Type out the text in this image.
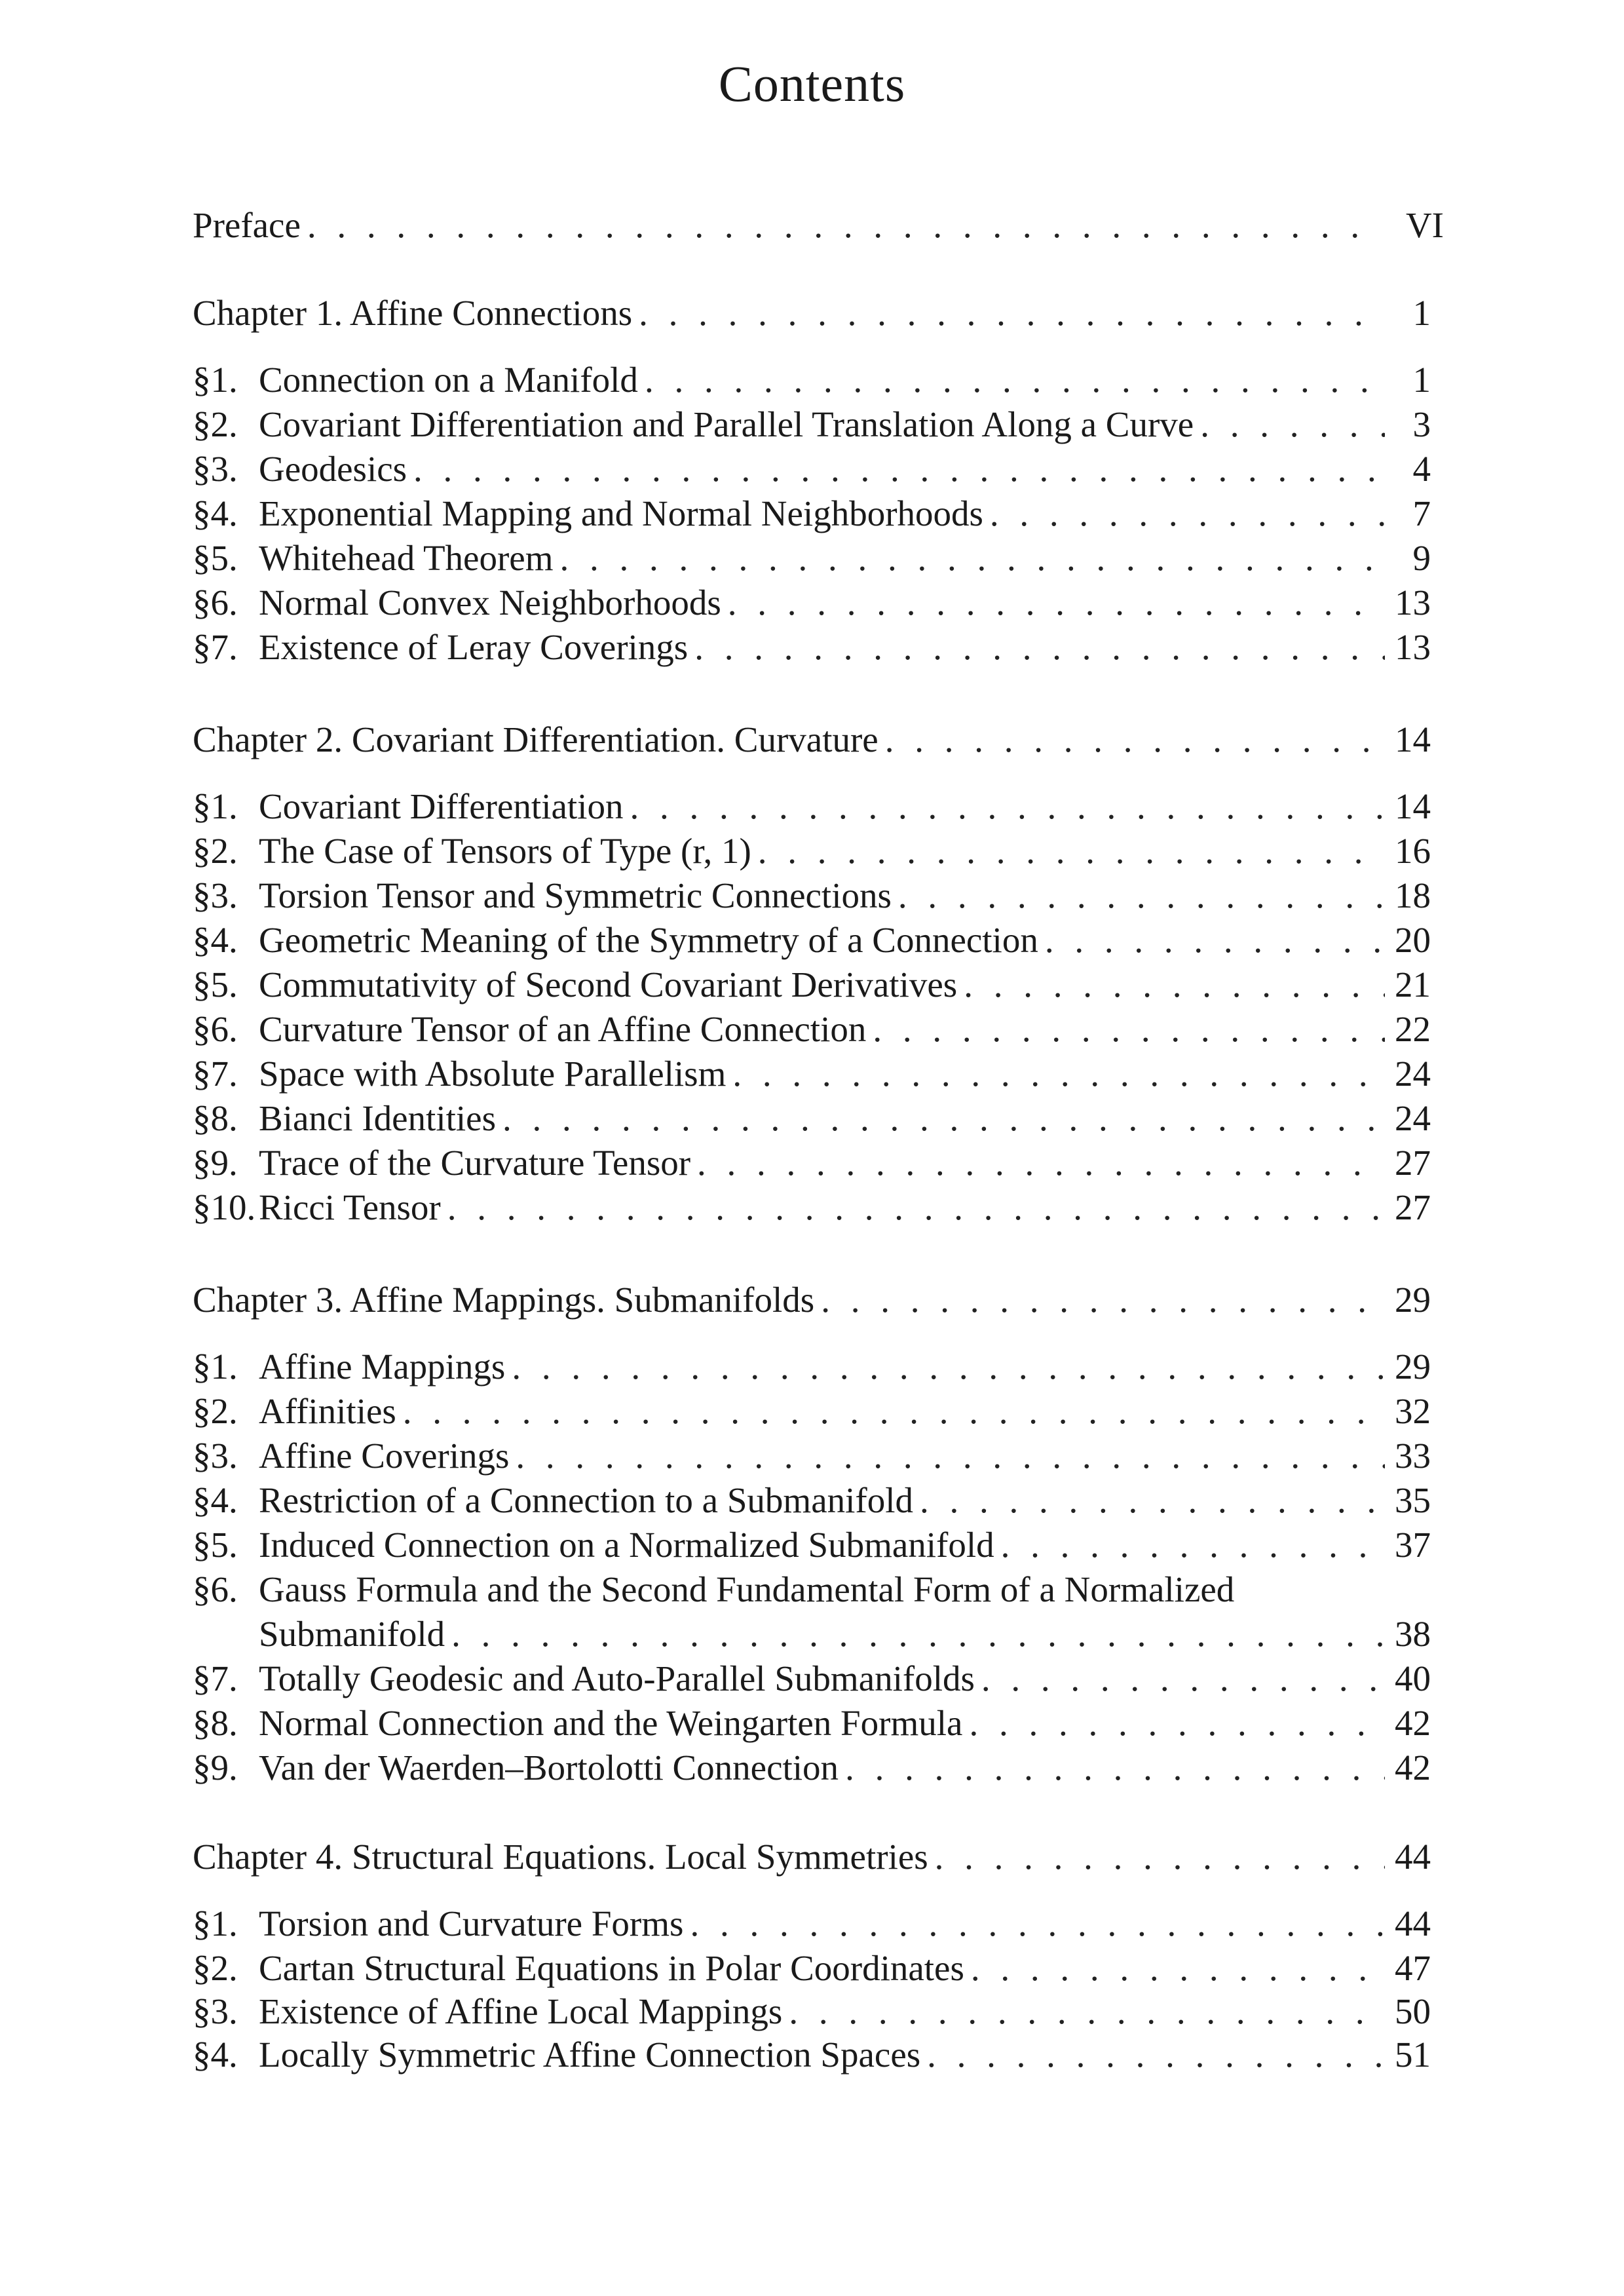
Contents
Preface . . .	VI
Chapter 1. Affine Connections . . .	1
§1. Connection on a Manifold . . .	1
§2. Covariant Differentiation and Parallel Translation Along a Curve . . .	3
§3. Geodesics . . .	4
§4. Exponential Mapping and Normal Neighborhoods . . .	7
§5. Whitehead Theorem . . .	9
§6. Normal Convex Neighborhoods . . .	13
§7. Existence of Leray Coverings . . .	13
Chapter 2. Covariant Differentiation. Curvature . . .	14
§1. Covariant Differentiation . . .	14
§2. The Case of Tensors of Type (r, 1) . . .	16
§3. Torsion Tensor and Symmetric Connections . . .	18
§4. Geometric Meaning of the Symmetry of a Connection . . .	20
§5. Commutativity of Second Covariant Derivatives . . .	21
§6. Curvature Tensor of an Affine Connection . . .	22
§7. Space with Absolute Parallelism . . .	24
§8. Bianci Identities . . .	24
§9. Trace of the Curvature Tensor . . .	27
§10. Ricci Tensor . . .	27
Chapter 3. Affine Mappings. Submanifolds . . .	29
§1. Affine Mappings . . .	29
§2. Affinities . . .	32
§3. Affine Coverings . . .	33
§4. Restriction of a Connection to a Submanifold . . .	35
§5. Induced Connection on a Normalized Submanifold . . .	37
§6. Gauss Formula and the Second Fundamental Form of a Normalized
Submanifold . . .	38
§7. Totally Geodesic and Auto-Parallel Submanifolds . . .	40
§8. Normal Connection and the Weingarten Formula . . .	42
§9. Van der Waerden–Bortolotti Connection . . .	42
Chapter 4. Structural Equations. Local Symmetries . . .	44
§1. Torsion and Curvature Forms . . .	44
§2. Cartan Structural Equations in Polar Coordinates . . .	47
§3. Existence of Affine Local Mappings . . .	50
§4. Locally Symmetric Affine Connection Spaces . . .	51
